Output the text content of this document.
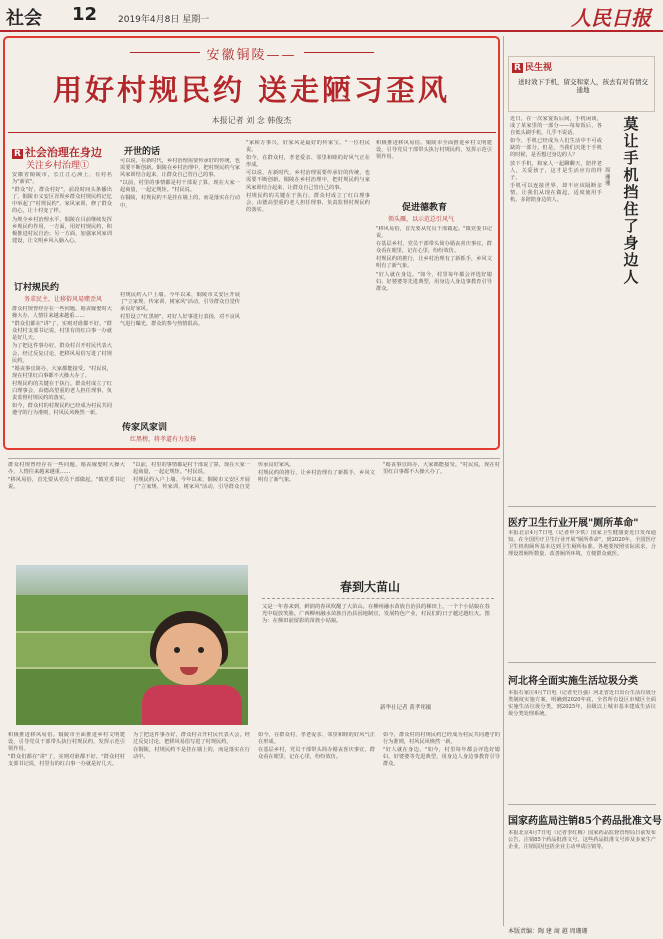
社会 12 2019年4月8日 星期一	人民日报
安徽铜陵——
用好村规民约 送走陋习歪风
本报记者 刘 念 韩俊杰
R 社会治理在身边
关注乡村治理①

安徽省铜陵市，长江江心洲上，有村名为"新农"。

"群众"好，群众村好"。前段时间头条播出了，铜陵市义安区胥坝乡群众村规民约记忆中举起了"村规民约"、家风家训，修了群众的心，让十村变了样。

为规全乡村治理水平，铜陵在目前继续发挥乡规民约作用，一方面，用好村规民约，积极推进村民自治；另一方面，加强家风家训建设，让文明乡风入脑入心。

订村规民约
务求民主，让移俗风易赌歪风

群众村规曾经存在一些问题。婚丧嫁娶时大操大办，人情往来越来越重……

"群众们都在"讲"了，实则对谁都不好。"群众村村支部书记说，村里有的红白事一办就是好几天。

为了把这件事办好，群众村召开村民代表大会，经过反复讨论，把移风易俗写进了村规民约。

"婚丧事宜简办，大家都能接受。"村民说，现在村里红白事都不大操大办了。

村规民约的关键在于执行。群众村成立了红白理事会，由德高望重的老人担任理事，负责监督村规民约的落实。

如今，群众村的村规民约已经成为村民共同遵守的行为准则，村风民风焕然一新。

开世的话

可以说，在新时代，乡村治理需要传承好的传统，也需要不断创新。铜陵在乡村治理中，把村规民约与家风家训结合起来，让群众自己管自己的事。

"以前，村里的事情都是村干部说了算，现在大家一起商量，一起定规矩。"村民说。

在铜陵，村规民约不是挂在墙上的，而是落实在行动中。

村规民约入户上墙。今年以来，铜陵市义安区开展了"立家规、传家训、树家风"活动，引导群众自觉传承良好家风。

村里设立"红黑榜"，对好人好事进行表扬，对不良风气进行曝光，群众的参与热情很高。

传家风家训
红黑榜，将孝道有力发扬

"家和万事兴，好家风是最好的传家宝。"一位村民说。

如今，在群众村，孝老爱亲、邻里和睦的好风气正在形成。

可以说，在新时代，乡村治理需要传承好的传统，也需要不断创新。铜陵在乡村治理中，把村规民约与家风家训结合起来，让群众自己管自己的事。

村规民约的关键在于执行。群众村成立了红白理事会，由德高望重的老人担任理事，负责监督村规民约的落实。

积极推进移风易俗。铜陵市全面推进乡村文明建设，引导党员干部带头执行村规民约，发挥示范引领作用。

促进德教育
领头雁，以示范总引风气

"移风易俗，首先要从党员干部做起。"镇党委书记说。

在基层乡村，党员干部带头简办婚丧喜庆事宜，群众看在眼里，记在心里，纷纷效仿。

村规民约的推行，让乡村治理有了新抓手，乡风文明有了新气象。

"好人就在身边。"如今，村里每年都会评选好媳妇、好婆婆等先进典型，用身边人身边事教育引导群众。

群众村规曾经存在一些问题。婚丧嫁娶时大操大办，人情往来越来越重……

"移风易俗，首先要从党员干部做起。"镇党委书记说。

"以前，村里的事情都是村干部说了算，现在大家一起商量，一起定规矩。"村民说。

村规民约入户上墙。今年以来，铜陵市义安区开展了"立家规、传家训、树家风"活动，引导群众自觉传承良好家风。

村规民约的推行，让乡村治理有了新抓手，乡风文明有了新气象。

"婚丧事宜简办，大家都能接受。"村民说，现在村里红白事都不大操大办了。

春到大苗山
又是一年春来到，鲜润的春风吹醒了大苗山。在柳州融水苗族自治县的梯田上，一个个小姑娘在春光中绽放笑脸。广西柳州融水苗族自治县因地制宜，发展特色产业，村民们的日子越过越红火。图为：在梯田前留影的苗族小姑娘。
新华社记者 黄孝邦摄

积极推进移风易俗。铜陵市全面推进乡村文明建设，引导党员干部带头执行村规民约，发挥示范引领作用。

"群众们都在"讲"了，实则对谁都不好。"群众村村支部书记说，村里有的红白事一办就是好几天。

为了把这件事办好，群众村召开村民代表大会，经过反复讨论，把移风易俗写进了村规民约。

在铜陵，村规民约不是挂在墙上的，而是落实在行动中。

如今，在群众村，孝老爱亲、邻里和睦的好风气正在形成。

在基层乡村，党员干部带头简办婚丧喜庆事宜，群众看在眼里，记在心里，纷纷效仿。

如今，群众村的村规民约已经成为村民共同遵守的行为准则，村风民风焕然一新。

"好人就在身边。"如今，村里每年都会评选好媳妇、好婆婆等先进典型，用身边人身边事教育引导群众。

R 民生视
送时效下手机，留交和家人，孩去有对有情交通地
莫让手机挡住了身边人
周珊珊

近日，在一次家宴饭后间，手机闲谈，成了某家里的一部分——每每饭后，各自低头刷手机，几乎不说话。

如今，手机已经成为人们生活中不可或缺的一部分。但是，当我们沉迷于手机的时候，是否想过身边的人？

放下手机，和家人一起聊聊天，陪伴老人，关爱孩子，这才是生活应有的样子。

手机可以连接世界，却不应该隔断亲情。让我们从现在做起，适度使用手机，多陪陪身边的人。

医疗卫生行业开展"厕所革命"
本报北京4月7日电（记者申少铁）国家卫生健康委近日发布通知，在全国医疗卫生行业开展"厕所革命"，到2020年，全国医疗卫生机构厕所基本达到卫生厕所标准。各地要按照实际需求，合理设置厕所数量，改善厕所环境，方便群众就医。
河北将全面实施生活垃圾分类
本报石家庄4月7日电（记者史自强）河北省近日出台生活垃圾分类制度实施方案，明确到2020年底，全省所有设区市城区全面实施生活垃圾分类，到2025年，县级以上城市基本建成生活垃圾分类处理系统。
国家药监局注销85个药品批准文号
本报北京4月7日电（记者李红梅）国家药品监督管理局日前发布公告，注销85个药品批准文号。这些药品批准文号涉及多家生产企业，注销原因包括企业主动申请注销等。
本版责编：陶 建 商 越 周珊珊
